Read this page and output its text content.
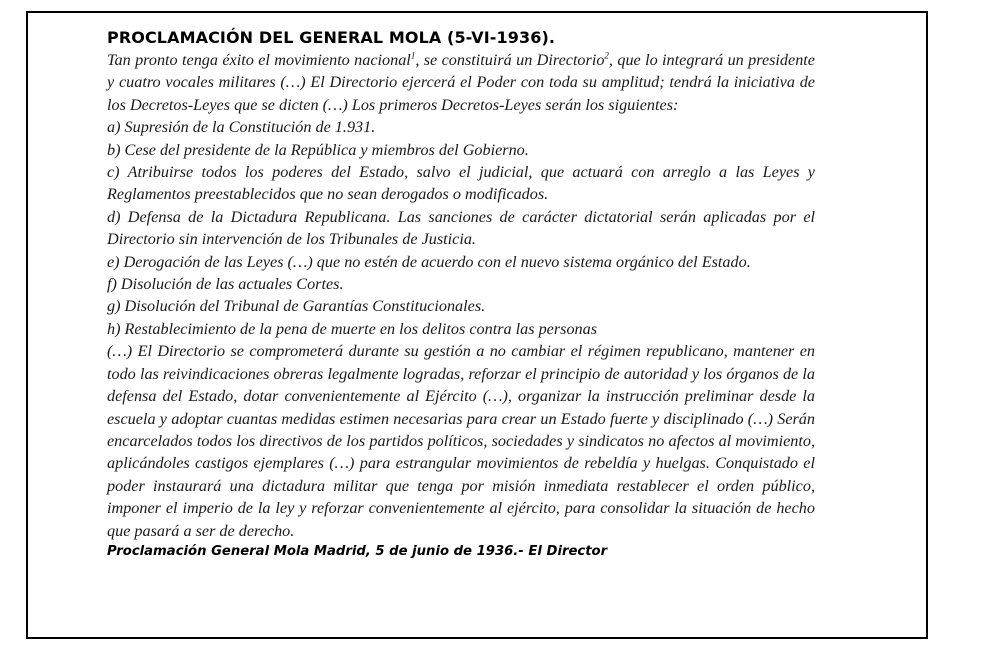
PROCLAMACIÓN DEL GENERAL MOLA (5-VI-1936).

Tan pronto tenga éxito el movimiento nacional$^1$, se constituirá un Directorio$^2$, que lo integrará un presidente y cuatro vocales militares (…) El Directorio ejercerá el Poder con toda su amplitud; tendrá la iniciativa de los Decretos-Leyes que se dicten (…) Los primeros Decretos-Leyes serán los siguientes:

a) Supresión de la Constitución de 1.931.

b) Cese del presidente de la República y miembros del Gobierno.

c) Atribuirse todos los poderes del Estado, salvo el judicial, que actuará con arreglo a las Leyes y Reglamentos preestablecidos que no sean derogados o modificados.

d) Defensa de la Dictadura Republicana. Las sanciones de carácter dictatorial serán aplicadas por el Directorio sin intervención de los Tribunales de Justicia.

e) Derogación de las Leyes (…) que no estén de acuerdo con el nuevo sistema orgánico del Estado.

f) Disolución de las actuales Cortes.

g) Disolución del Tribunal de Garantías Constitucionales.

h) Restablecimiento de la pena de muerte en los delitos contra las personas

(…) El Directorio se comprometerá durante su gestión a no cambiar el régimen republicano, mantener en todo las reivindicaciones obreras legalmente logradas, reforzar el principio de autoridad y los órganos de la defensa del Estado, dotar convenientemente al Ejército (…), organizar la instrucción preliminar desde la escuela y adoptar cuantas medidas estimen necesarias para crear un Estado fuerte y disciplinado (…) Serán encarcelados todos los directivos de los partidos políticos, sociedades y sindicatos no afectos al movimiento, aplicándoles castigos ejemplares (…) para estrangular movimientos de rebeldía y huelgas. Conquistado el poder instaurará una dictadura militar que tenga por misión inmediata restablecer el orden público, imponer el imperio de la ley y reforzar convenientemente al ejército, para consolidar la situación de hecho que pasará a ser de derecho.

Proclamación General Mola Madrid, 5 de junio de 1936.- El Director
